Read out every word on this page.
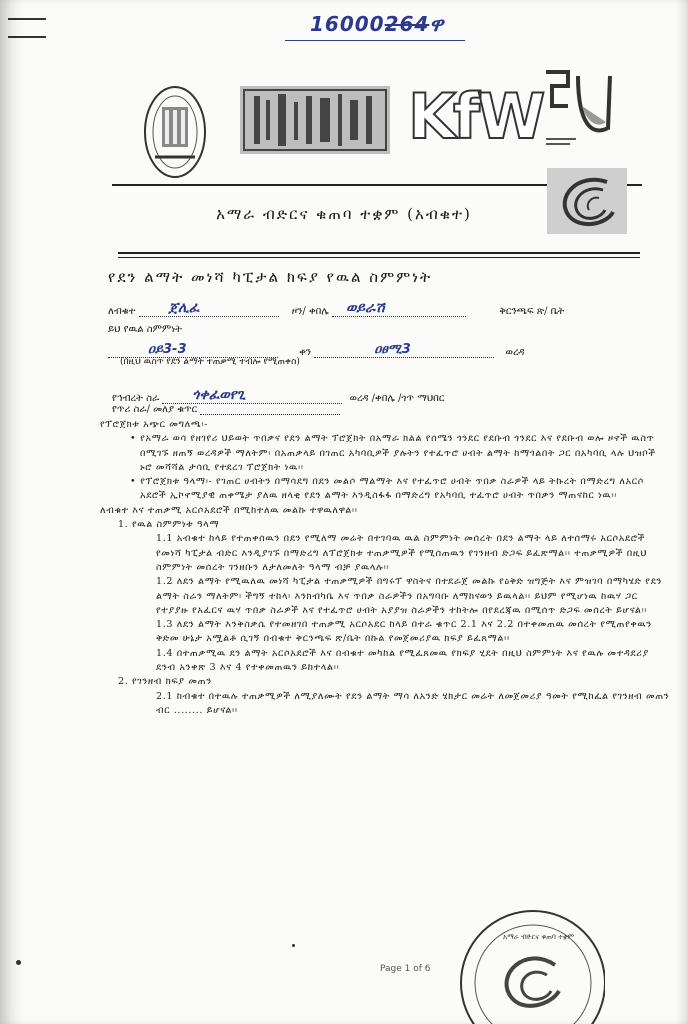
16000264ዋ
KfW
አማራ ብድርና ቁጠባ ተቋም (አብቁተ)
የደን ልማት መነሻ ካፒታል ክፍያ የዉል ስምምነት
ለብቁተ ጀሊፈ	ዞን/ ቀበሌ ወይራሽ	ቅርንጫፍ ጽ/ ቤት
ይህ የዉል ስምምነት
ዐይ3-3	ቀን	ዐፀሚ3	ወረዳ
(በዚህ ዉስጥ የደን ልማት ተጠቃሚ ተብሎ የሚጠቀስ)
የኅብረት ስራ ጎቀፈወየጊ	ወረዳ /ቀበሌ /ጎጥ ማህበር
የጥሪ ስራ/ መለያ ቁጥር

የፕሮጀክቱ አጭር መግለጫ፡-

• የአማራ ወሳ የዘገየሪ ህይወት ጥበቃና የደን ልማት ፕሮጀክት በአማራ ክልል የሰሜን ጎንደር የደቡብ ጎንደር እና የደቡብ ወሎ ዞኖች ዉስጥ በሚገኙ ዘጠኝ ወረዳዎች ማለትም፡ በአጠቃላይ በገጠር አካባቢዎች ያሉትን የተፈጥሮ ሀብት ልማት ከማጎልበት ጋር በአካባቢ ላሉ ህዝቦች ኑሮ መሻሻል ታሳቢ የተደረገ ፕሮጀክት ነዉ፡፡

• የፕሮጀክቱ ዓላማ፡- የገጠር ሀብትን በማሳደግ በደን መልሶ ማልማት እና የተፈጥሮ ሀብት ጥበቃ ስራዎች ላይ ትኩረት በማድረግ ለአርሶ አደሮች ኢኮኖሚያዊ ጠቀሜታ ያለዉ ዘላቂ የደን ልማት እንዲስፋፋ በማድረግ የአካባቢ ተፈጥሮ ሀብት ጥበቃን ማጠናከር ነዉ፡፡

ለብቁተ እና ተጠቃሚ አርሶአደሮች በሚከተለዉ መልኩ ተዋዉለዋል፡፡

1. የዉል ስምምነቱ ዓላማ

1.1 አብቁተ ከላይ የተጠቀሰዉን በደን የሚለማ መሬት በተገባዉ ዉል ስምምነት መሰረት በደን ልማት ላይ ለተሰማሩ አርሶአደሮች የመነሻ ካፒታል ብድር እንዲያገኙ በማድረግ ለፕሮጀክቱ ተጠቃሚዎች የሚሰጠዉን የገንዘብ ድጋፍ ይፈጽማል፡፡ ተጠቃሚዎች በዚህ ስምምነት መሰረት ገንዘቡን ለታለመለት ዓላማ ብቻ ያዉላሉ፡፡

1.2 ለደን ልማት የሚዉለዉ መነሻ ካፒታል ተጠቃሚዎች በግሩፕ ዋስትና በተደራጀ መልኩ የዕቅድ ዝግጅት እና ምዝገባ በማካሄድ የደን ልማት ስራን ማለትም፡ ችግኝ ተከላ፡ እንክብካቤ እና ጥበቃ ስራዎችን በአግባቡ ለማከናወን ይዉላል፡፡ ይህም የሚሆነዉ ከዉሃ ጋር የተያያዙ የአፈርና ዉሃ ጥበቃ ስራዎች እና የተፈጥሮ ሀብት አያያዝ ስራዎችን ተከትሎ በየደረጃዉ በሚሰጥ ድጋፍ መሰረት ይሆናል፡፡

1.3 ለደን ልማት እንቅስቃሴ የተመዘገበ ተጠቃሚ አርሶአደር ከላይ በተራ ቁጥር 2.1 እና 2.2 በተቀመጠዉ መሰረት የሚጠየቀዉን ቅድመ ሁኔታ አሟልቶ ሲገኝ በብቁተ ቅርንጫፍ ጽ/ቤት በኩል የመጀመሪያዉ ክፍያ ይፈጸማል፡፡

1.4 በተጠቃሚዉ ደን ልማት አርሶአደሮች እና በብቁተ መካከል የሚፈጸመዉ የክፍያ ሂደት በዚህ ስምምነት እና የዉሉ መተዳደሪያ ደንብ አንቀጽ 3 እና 4 የተቀመጠዉን ይከተላል፡፡

2. የገንዘብ ክፍያ መጠን

2.1 ከብቁተ በተዉሉ ተጠቃሚዎች ለሚያለሙት የደን ልማት ማሳ ለአንድ ሄክታር መሬት ለመጀመሪያ ዓመት የሚከፈል የገንዘብ መጠን ብር ........ ይሆናል፡፡

Page 1 of 6
አማራ ብድርና ቁጠባ ተቋም
